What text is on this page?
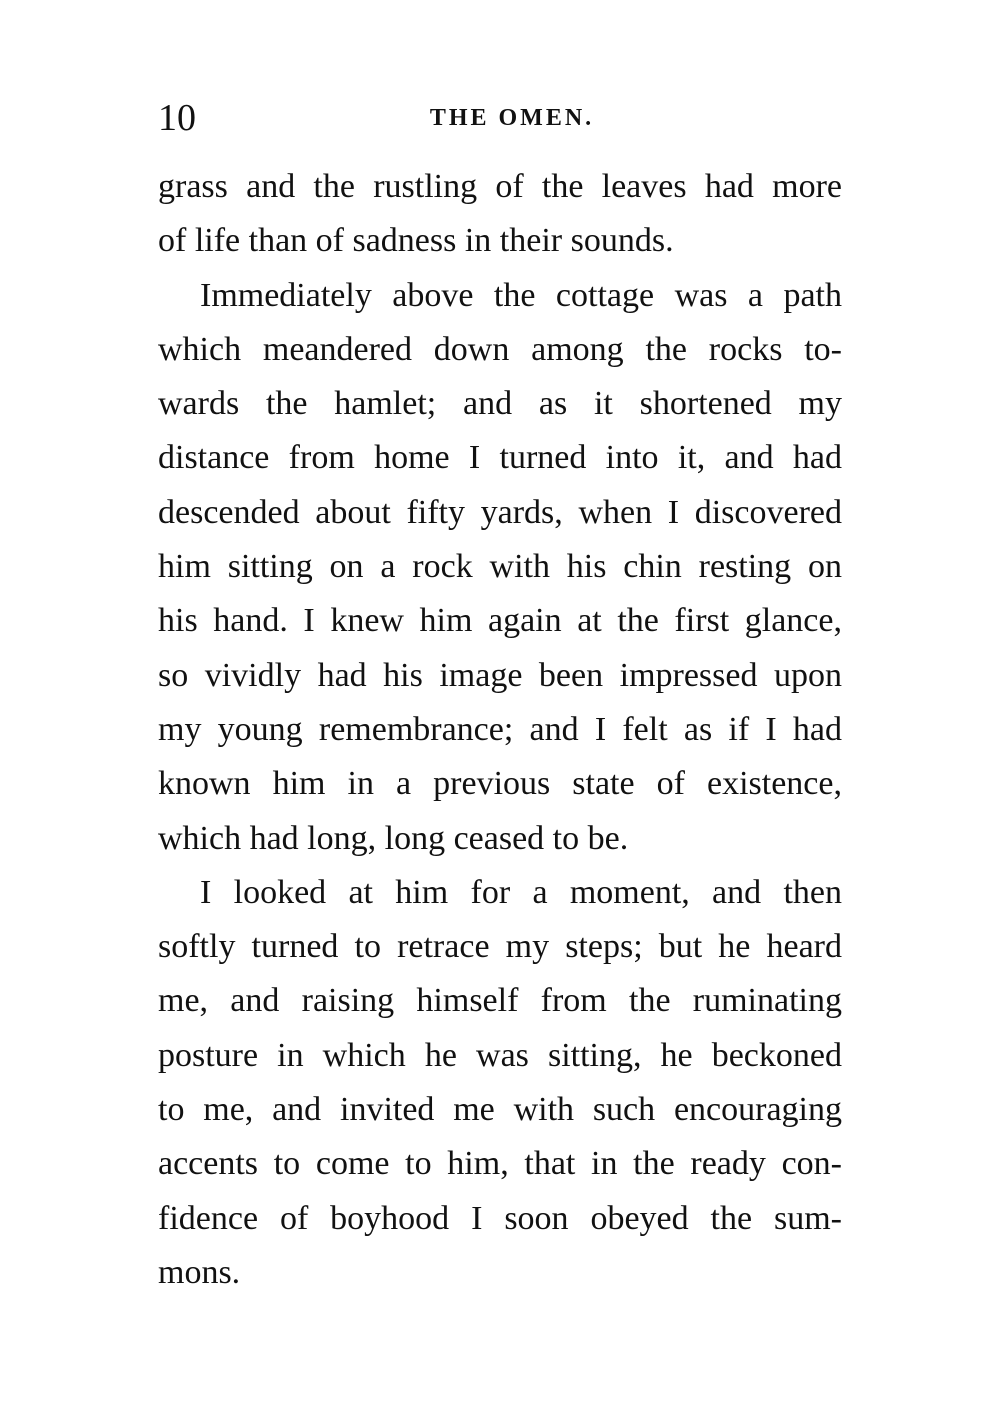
10	THE OMEN.
grass and the rustling of the leaves had more
of life than of sadness in their sounds.
Immediately above the cottage was a path
which meandered down among the rocks to-
wards the hamlet; and as it shortened my
distance from home I turned into it, and had
descended about fifty yards, when I discovered
him sitting on a rock with his chin resting on
his hand. I knew him again at the first glance,
so vividly had his image been impressed upon
my young remembrance; and I felt as if I had
known him in a previous state of existence,
which had long, long ceased to be.
I looked at him for a moment, and then
softly turned to retrace my steps; but he heard
me, and raising himself from the ruminating
posture in which he was sitting, he beckoned
to me, and invited me with such encouraging
accents to come to him, that in the ready con-
fidence of boyhood I soon obeyed the sum-
mons.
